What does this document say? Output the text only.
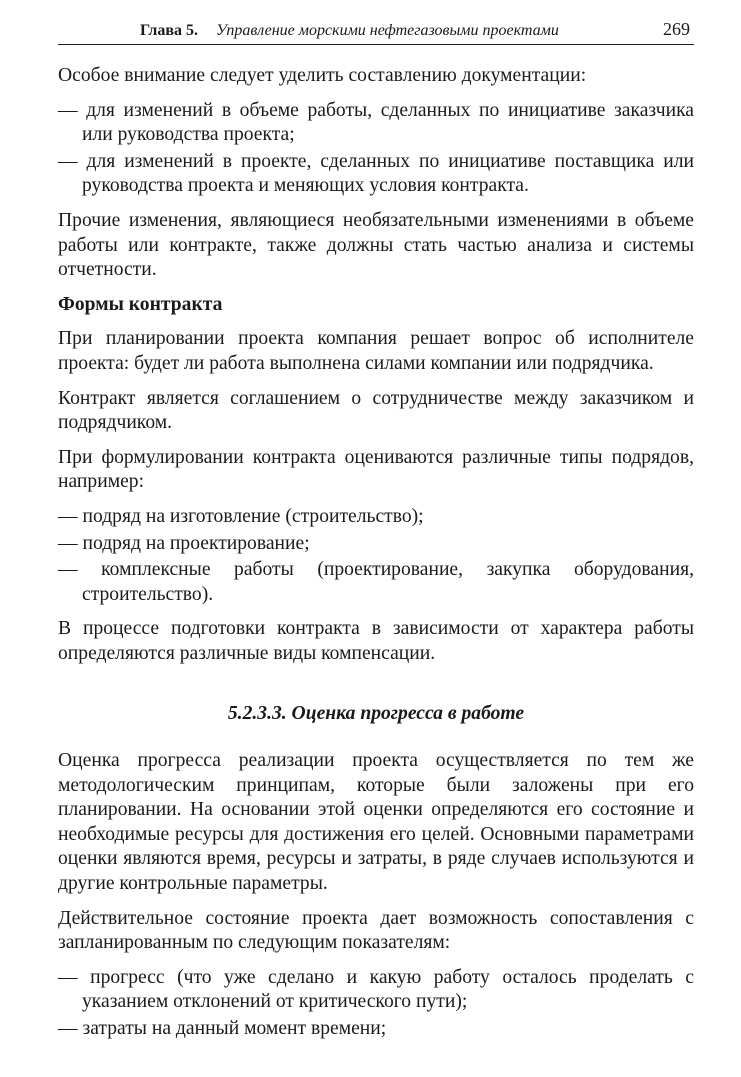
Глава 5. Управление морскими нефтегазовыми проектами	269

Особое внимание следует уделить составлению документации:

— для изменений в объеме работы, сделанных по инициативе заказчика или руководства проекта;

— для изменений в проекте, сделанных по инициативе поставщика или руководства проекта и меняющих условия контракта.

Прочие изменения, являющиеся необязательными изменениями в объеме работы или контракте, также должны стать частью анализа и системы отчетности.

Формы контракта

При планировании проекта компания решает вопрос об исполнителе проекта: будет ли работа выполнена силами компании или подрядчика.

Контракт является соглашением о сотрудничестве между заказчиком и подрядчиком.

При формулировании контракта оцениваются различные типы подрядов, например:

— подряд на изготовление (строительство);

— подряд на проектирование;

— комплексные работы (проектирование, закупка оборудования, строительство).

В процессе подготовки контракта в зависимости от характера работы определяются различные виды компенсации.

5.2.3.3. Оценка прогресса в работе

Оценка прогресса реализации проекта осуществляется по тем же методологическим принципам, которые были заложены при его планировании. На основании этой оценки определяются его состояние и необходимые ресурсы для достижения его целей. Основными параметрами оценки являются время, ресурсы и затраты, в ряде случаев используются и другие контрольные параметры.

Действительное состояние проекта дает возможность сопоставления с запланированным по следующим показателям:

— прогресс (что уже сделано и какую работу осталось проделать с указанием отклонений от критического пути);

— затраты на данный момент времени;
